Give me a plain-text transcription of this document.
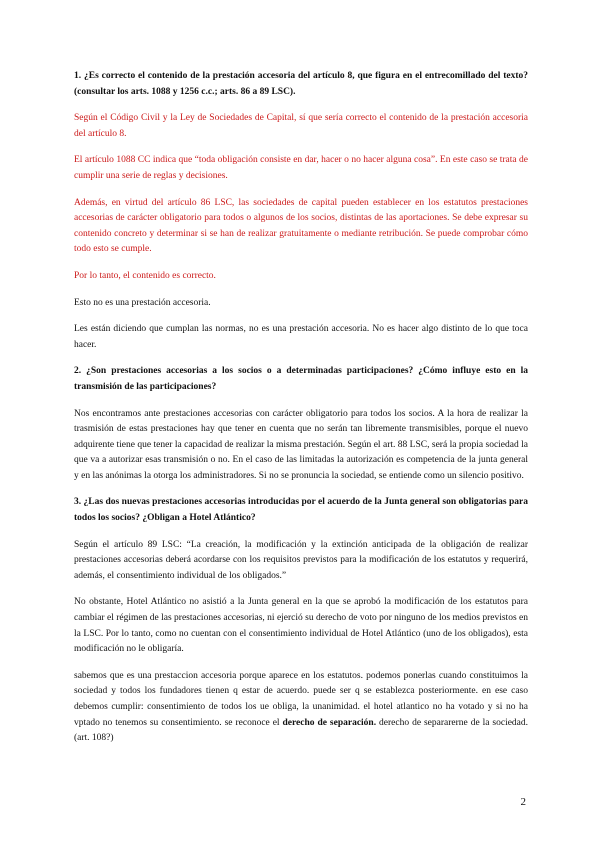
1. ¿Es correcto el contenido de la prestación accesoria del artículo 8, que figura en el entrecomillado del texto? (consultar los arts. 1088 y 1256 c.c.; arts. 86 a 89 LSC).

Según el Código Civil y la Ley de Sociedades de Capital, sí que sería correcto el contenido de la prestación accesoria del artículo 8.

El artículo 1088 CC indica que “toda obligación consiste en dar, hacer o no hacer alguna cosa”. En este caso se trata de cumplir una serie de reglas y decisiones.

Además, en virtud del artículo 86 LSC, las sociedades de capital pueden establecer en los estatutos prestaciones accesorias de carácter obligatorio para todos o algunos de los socios, distintas de las aportaciones. Se debe expresar su contenido concreto y determinar si se han de realizar gratuitamente o mediante retribución. Se puede comprobar cómo todo esto se cumple.

Por lo tanto, el contenido es correcto.

Esto no es una prestación accesoria.

Les están diciendo que cumplan las normas, no es una prestación accesoria. No es hacer algo distinto de lo que toca hacer.

2. ¿Son prestaciones accesorias a los socios o a determinadas participaciones? ¿Cómo influye esto en la transmisión de las participaciones?

Nos encontramos ante prestaciones accesorias con carácter obligatorio para todos los socios. A la hora de realizar la trasmisión de estas prestaciones hay que tener en cuenta que no serán tan libremente transmisibles, porque el nuevo adquirente tiene que tener la capacidad de realizar la misma prestación. Según el art. 88 LSC, será la propia sociedad la que va a autorizar esas transmisión o no. En el caso de las limitadas la autorización es competencia de la junta general y en las anónimas la otorga los administradores. Si no se pronuncia la sociedad, se entiende como un silencio positivo.

3. ¿Las dos nuevas prestaciones accesorias introducidas por el acuerdo de la Junta general son obligatorias para todos los socios? ¿Obligan a Hotel Atlántico?

Según el artículo 89 LSC: “La creación, la modificación y la extinción anticipada de la obligación de realizar prestaciones accesorias deberá acordarse con los requisitos previstos para la modificación de los estatutos y requerirá, además, el consentimiento individual de los obligados.”

No obstante, Hotel Atlántico no asistió a la Junta general en la que se aprobó la modificación de los estatutos para cambiar el régimen de las prestaciones accesorias, ni ejerció su derecho de voto por ninguno de los medios previstos en la LSC. Por lo tanto, como no cuentan con el consentimiento individual de Hotel Atlántico (uno de los obligados), esta modificación no le obligaría.

sabemos que es una prestaccion accesoria porque aparece en los estatutos. podemos ponerlas cuando constituimos la sociedad y todos los fundadores tienen q estar de acuerdo. puede ser q se establezca posteriormente. en ese caso debemos cumplir: consentimiento de todos los ue obliga, la unanimidad. el hotel atlantico no ha votado y si no ha vptado no tenemos su consentimiento. se reconoce el derecho de separación. derecho de separarerne de la sociedad. (art. 108?)

2
